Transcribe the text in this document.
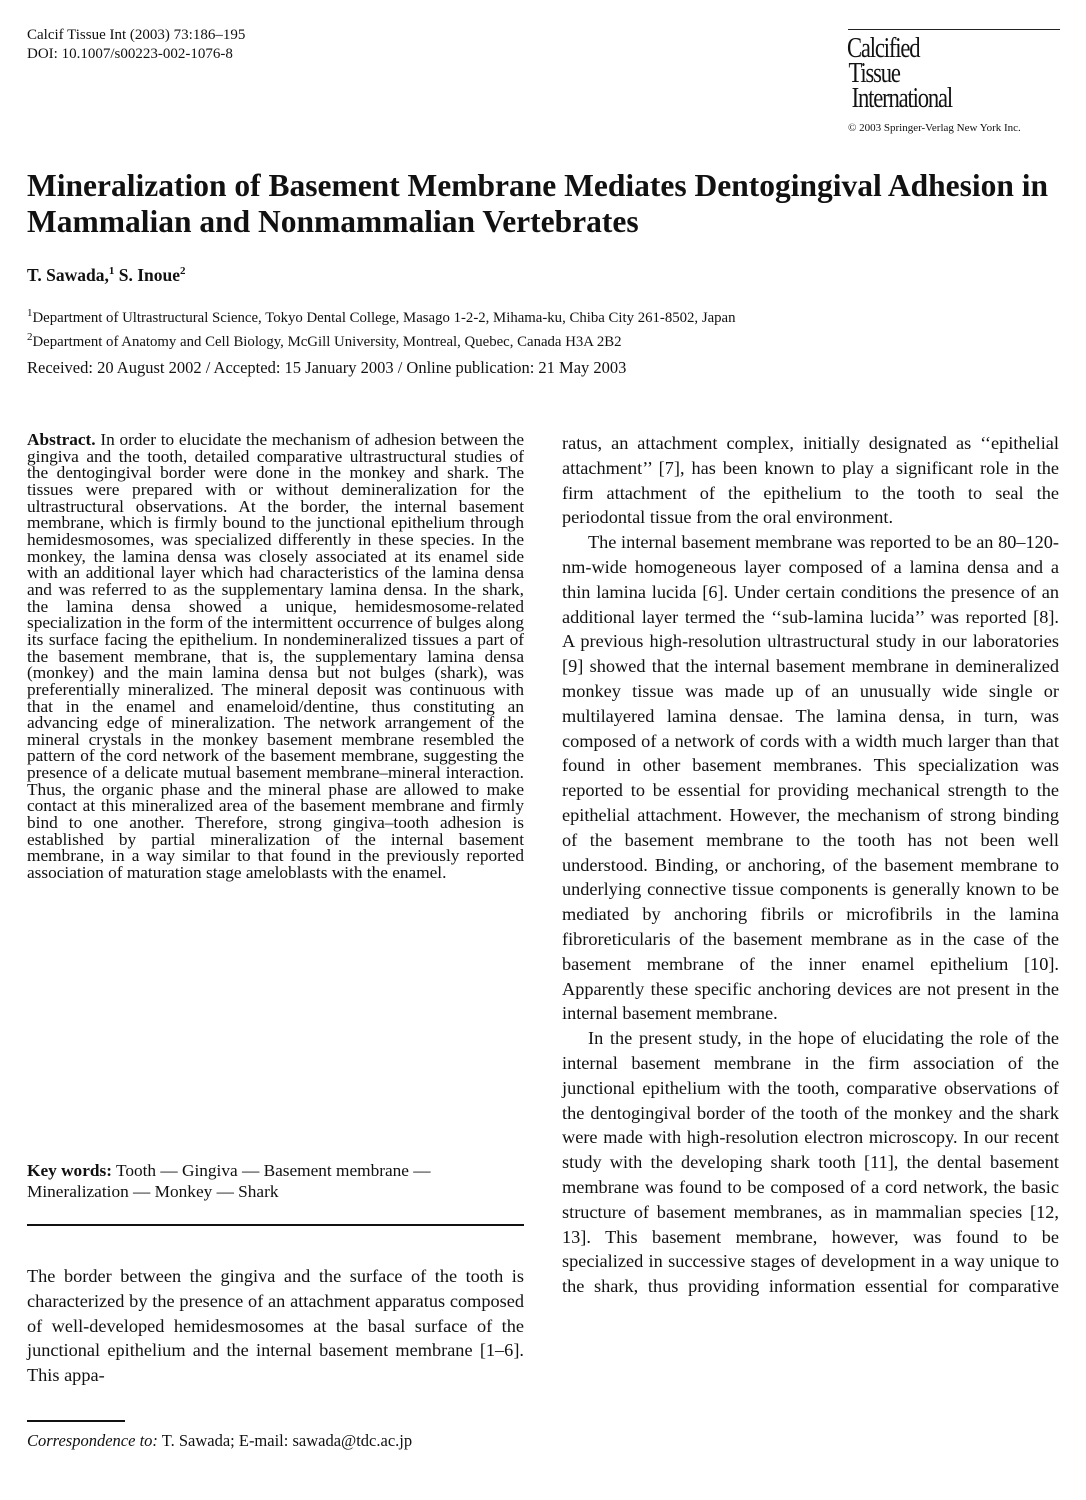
Calcif Tissue Int (2003) 73:186–195
DOI: 10.1007/s00223-002-1076-8	Calcified
Tissue
International
© 2003 Springer-Verlag New York Inc.
Mineralization of Basement Membrane Mediates Dentogingival Adhesion in Mammalian and Nonmammalian Vertebrates
T. Sawada,$^1$ S. Inoue$^2$
$^1$Department of Ultrastructural Science, Tokyo Dental College, Masago 1-2-2, Mihama-ku, Chiba City 261-8502, Japan
$^2$Department of Anatomy and Cell Biology, McGill University, Montreal, Quebec, Canada H3A 2B2
Received: 20 August 2002 / Accepted: 15 January 2003 / Online publication: 21 May 2003
Abstract. In order to elucidate the mechanism of adhesion between the gingiva and the tooth, detailed comparative ultrastructural studies of the dentogingival border were done in the monkey and shark. The tissues were prepared with or without demineralization for the ultrastructural observations. At the border, the internal basement membrane, which is firmly bound to the junctional epithelium through hemidesmosomes, was specialized differently in these species. In the monkey, the lamina densa was closely associated at its enamel side with an additional layer which had characteristics of the lamina densa and was referred to as the supplementary lamina densa. In the shark, the lamina densa showed a unique, hemidesmosome-related specialization in the form of the intermittent occurrence of bulges along its surface facing the epithelium. In nondemineralized tissues a part of the basement membrane, that is, the supplementary lamina densa (monkey) and the main lamina densa but not bulges (shark), was preferentially mineralized. The mineral deposit was continuous with that in the enamel and enameloid/dentine, thus constituting an advancing edge of mineralization. The network arrangement of the mineral crystals in the monkey basement membrane resembled the pattern of the cord network of the basement membrane, suggesting the presence of a delicate mutual basement membrane–mineral interaction. Thus, the organic phase and the mineral phase are allowed to make contact at this mineralized area of the basement membrane and firmly bind to one another. Therefore, strong gingiva–tooth adhesion is established by partial mineralization of the internal basement membrane, in a way similar to that found in the previously reported association of maturation stage ameloblasts with the enamel.
Key words: Tooth — Gingiva — Basement membrane — Mineralization — Monkey — Shark
The border between the gingiva and the surface of the tooth is characterized by the presence of an attachment apparatus composed of well-developed hemidesmosomes at the basal surface of the junctional epithelium and the internal basement membrane [1–6]. This appa-
Correspondence to: T. Sawada; E-mail: sawada@tdc.ac.jp

ratus, an attachment complex, initially designated as ‘‘epithelial attachment’’ [7], has been known to play a significant role in the firm attachment of the epithelium to the tooth to seal the periodontal tissue from the oral environment.

The internal basement membrane was reported to be an 80–120-nm-wide homogeneous layer composed of a lamina densa and a thin lamina lucida [6]. Under certain conditions the presence of an additional layer termed the ‘‘sub-lamina lucida’’ was reported [8]. A previous high-resolution ultrastructural study in our laboratories [9] showed that the internal basement membrane in demineralized monkey tissue was made up of an unusually wide single or multilayered lamina densae. The lamina densa, in turn, was composed of a network of cords with a width much larger than that found in other basement membranes. This specialization was reported to be essential for providing mechanical strength to the epithelial attachment. However, the mechanism of strong binding of the basement membrane to the tooth has not been well understood. Binding, or anchoring, of the basement membrane to underlying connective tissue components is generally known to be mediated by anchoring fibrils or microfibrils in the lamina fibroreticularis of the basement membrane as in the case of the basement membrane of the inner enamel epithelium [10]. Apparently these specific anchoring devices are not present in the internal basement membrane.

In the present study, in the hope of elucidating the role of the internal basement membrane in the firm association of the junctional epithelium with the tooth, comparative observations of the dentogingival border of the tooth of the monkey and the shark were made with high-resolution electron microscopy. In our recent study with the developing shark tooth [11], the dental basement membrane was found to be composed of a cord network, the basic structure of basement membranes, as in mammalian species [12, 13]. This basement membrane, however, was found to be specialized in successive stages of development in a way unique to the shark, thus providing information essential for comparative
